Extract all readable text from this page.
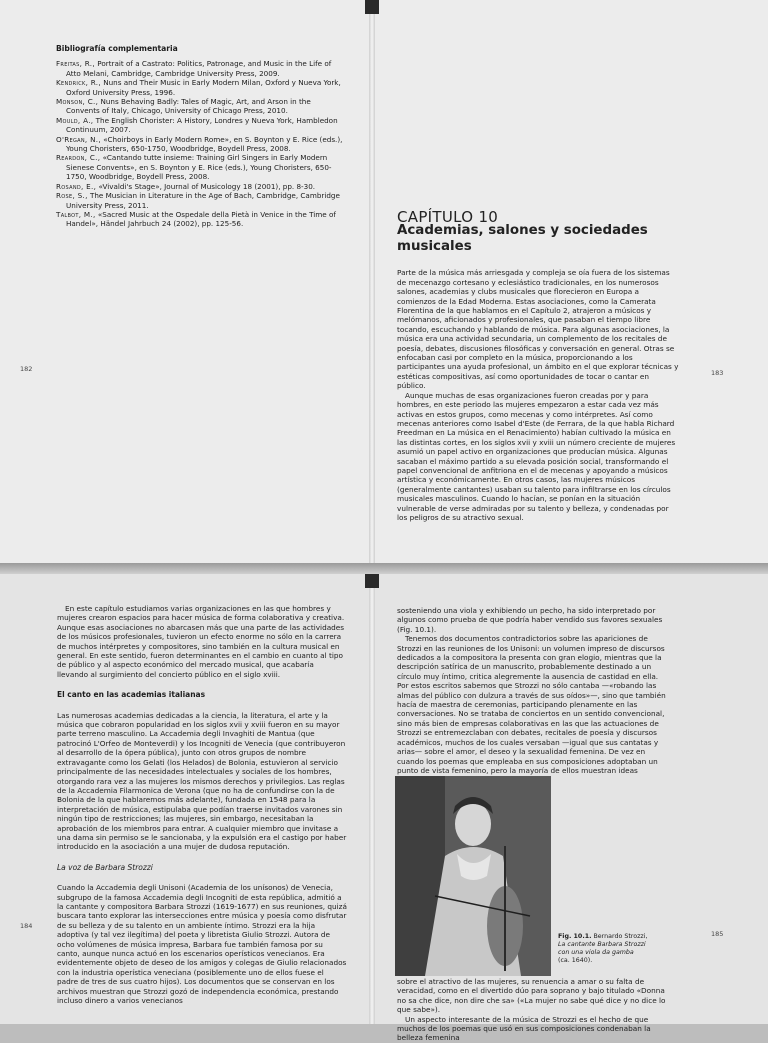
Bibliografía complementaria

Freitas, R., Portrait of a Castrato: Politics, Patronage, and Music in the Life of Atto Melani, Cambridge, Cambridge University Press, 2009.

Kendrick, R., Nuns and Their Music in Early Modern Milan, Oxford y Nueva York, Oxford University Press, 1996.

Monson, C., Nuns Behaving Badly: Tales of Magic, Art, and Arson in the Convents of Italy, Chicago, University of Chicago Press, 2010.

Mould, A., The English Chorister: A History, Londres y Nueva York, Hambledon Continuum, 2007.

O'Regan, N., «Choirboys in Early Modern Rome», en S. Boynton y E. Rice (eds.), Young Choristers, 650-1750, Woodbridge, Boydell Press, 2008.

Reardon, C., «Cantando tutte insieme: Training Girl Singers in Early Modern Sienese Convents», en S. Boynton y E. Rice (eds.), Young Choristers, 650-1750, Woodbridge, Boydell Press, 2008.

Rosand, E., «Vivaldi's Stage», Journal of Musicology 18 (2001), pp. 8-30.

Rose, S., The Musician in Literature in the Age of Bach, Cambridge, Cambridge University Press, 2011.

Talbot, M., «Sacred Music at the Ospedale della Pietà in Venice in the Time of Handel», Händel Jahrbuch 24 (2002), pp. 125-56.

182
CAPÍTULO 10
Academias, salones y sociedades musicales

Parte de la música más arriesgada y compleja se oía fuera de los sistemas de mecenazgo cortesano y eclesiástico tradicionales, en los numerosos salones, academias y clubs musicales que florecieron en Europa a comienzos de la Edad Moderna. Estas asociaciones, como la Camerata Florentina de la que hablamos en el Capítulo 2, atrajeron a músicos y melómanos, aficionados y profesionales, que pasaban el tiempo libre tocando, escuchando y hablando de música. Para algunas asociaciones, la música era una actividad secundaria, un complemento de los recitales de poesía, debates, discusiones filosóficas y conversación en general. Otras se enfocaban casi por completo en la música, proporcionando a los participantes una ayuda profesional, un ámbito en el que explorar técnicas y estéticas compositivas, así como oportunidades de tocar o cantar en público.

Aunque muchas de esas organizaciones fueron creadas por y para hombres, en este periodo las mujeres empezaron a estar cada vez más activas en estos grupos, como mecenas y como intérpretes. Así como mecenas anteriores como Isabel d'Este (de Ferrara, de la que habla Richard Freedman en La música en el Renacimiento) habían cultivado la música en las distintas cortes, en los siglos xvii y xviii un número creciente de mujeres asumió un papel activo en organizaciones que producían música. Algunas sacaban el máximo partido a su elevada posición social, transformando el papel convencional de anfitriona en el de mecenas y apoyando a músicos artística y económicamente. En otros casos, las mujeres músicos (generalmente cantantes) usaban su talento para infiltrarse en los círculos musicales masculinos. Cuando lo hacían, se ponían en la situación vulnerable de verse admiradas por su talento y belleza, y condenadas por los peligros de su atractivo sexual.

183

En este capítulo estudiamos varias organizaciones en las que hombres y mujeres crearon espacios para hacer música de forma colaborativa y creativa. Aunque esas asociaciones no abarcasen más que una parte de las actividades de los músicos profesionales, tuvieron un efecto enorme no sólo en la carrera de muchos intérpretes y compositores, sino también en la cultura musical en general. En este sentido, fueron determinantes en el cambio en cuanto al tipo de público y al aspecto económico del mercado musical, que acabaría llevando al surgimiento del concierto público en el siglo xviii.

El canto en las academias italianas

Las numerosas academias dedicadas a la ciencia, la literatura, el arte y la música que cobraron popularidad en los siglos xvii y xviii fueron en su mayor parte terreno masculino. La Accademia degli Invaghiti de Mantua (que patrocinó L'Orfeo de Monteverdi) y los Incogniti de Venecia (que contribuyeron al desarrollo de la ópera pública), junto con otros grupos de nombre extravagante como los Gelati (los Helados) de Bolonia, estuvieron al servicio principalmente de las necesidades intelectuales y sociales de los hombres, otorgando rara vez a las mujeres los mismos derechos y privilegios. Las reglas de la Accademia Filarmonica de Verona (que no ha de confundirse con la de Bolonia de la que hablaremos más adelante), fundada en 1548 para la interpretación de música, estipulaba que podían traerse invitados varones sin ningún tipo de restricciones; las mujeres, sin embargo, necesitaban la aprobación de los miembros para entrar. A cualquier miembro que invitase a una dama sin permiso se le sancionaba, y la expulsión era el castigo por haber introducido en la asociación a una mujer de dudosa reputación.

La voz de Barbara Strozzi

Cuando la Accademia degli Unisoni (Academia de los unísonos) de Venecia, subgrupo de la famosa Accademia degli Incogniti de esta república, admitió a la cantante y compositora Barbara Strozzi (1619-1677) en sus reuniones, quizá buscara tanto explorar las intersecciones entre música y poesía como disfrutar de su belleza y de su talento en un ambiente íntimo. Strozzi era la hija adoptiva (y tal vez ilegítima) del poeta y libretista Giulio Strozzi. Autora de ocho volúmenes de música impresa, Barbara fue también famosa por su canto, aunque nunca actuó en los escenarios operísticos venecianos. Era evidentemente objeto de deseo de los amigos y colegas de Giulio relacionados con la industria operística veneciana (posiblemente uno de ellos fuese el padre de tres de sus cuatro hijos). Los documentos que se conservan en los archivos muestran que Strozzi gozó de independencia económica, prestando incluso dinero a varios venecianos

184

sosteniendo una viola y exhibiendo un pecho, ha sido interpretado por algunos como prueba de que podría haber vendido sus favores sexuales (Fig. 10.1).

Tenemos dos documentos contradictorios sobre las apariciones de Strozzi en las reuniones de los Unisoni: un volumen impreso de discursos dedicados a la compositora la presenta con gran elogio, mientras que la descripción satírica de un manuscrito, probablemente destinado a un círculo muy íntimo, critica alegremente la ausencia de castidad en ella. Por estos escritos sabemos que Strozzi no sólo cantaba —«robando las almas del público con dulzura a través de sus oídos»—, sino que también hacía de maestra de ceremonias, participando plenamente en las conversaciones. No se trataba de conciertos en un sentido convencional, sino más bien de empresas colaborativas en las que las actuaciones de Strozzi se entremezclaban con debates, recitales de poesía y discursos académicos, muchos de los cuales versaban —igual que sus cantatas y arias— sobre el amor, el deseo y la sexualidad femenina. De vez en cuando los poemas que empleaba en sus composiciones adoptaban un punto de vista femenino, pero la mayoría de ellos muestran ideas

185
Fig. 10.1. Bernardo Strozzi,
La cantante Barbara Strozzi con una viola da gamba
(ca. 1640).

sobre el atractivo de las mujeres, su renuencia a amar o su falta de veracidad, como en el divertido dúo para soprano y bajo titulado «Donna no sa che dice, non dire che sa» («La mujer no sabe qué dice y no dice lo que sabe»).

Un aspecto interesante de la música de Strozzi es el hecho de que muchos de los poemas que usó en sus composiciones condenaban la belleza femenina
